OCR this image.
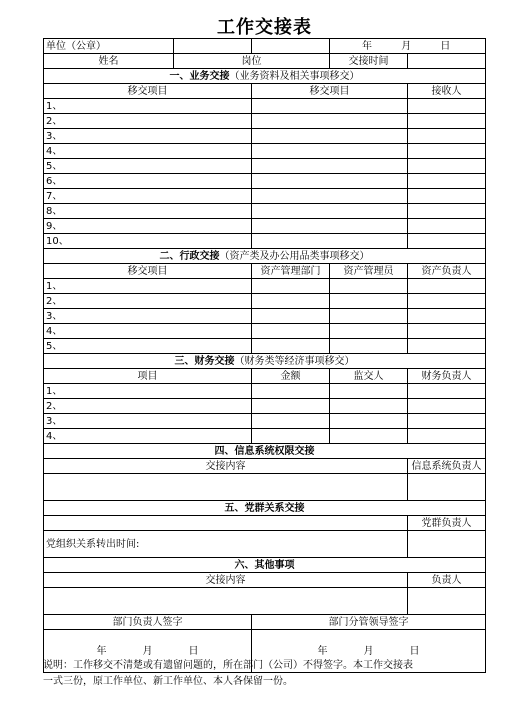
工作交接表
单位（公章）			年 月 日	
姓名	岗位		交接时间	
一、业务交接（业务资料及相关事项移交）				
移交项目		移交项目		接收人
1、				
2、				
3、				
4、				
5、				
6、				
7、				
8、				
9、				
10、				
二、行政交接（资产类及办公用品类事项移交）				
移交项目		资产管理部门	资产管理员	资产负责人
1、				
2、				
3、				
4、				
5、				
三、财务交接（财务类等经济事项移交）				
项目		金额	监交人	财务负责人
1、				
2、				
3、				
4、				
四、信息系统权限交接				
交接内容				信息系统负责人

五、党群关系交接				
				党群负责人
党组织关系转出时间:				
六、其他事项				
交接内容				负责人

部门负责人签字		部门分管领导签字		
年 月 日		年 月 日		
说明：工作移交不清楚或有遗留问题的，所在部门（公司）不得签字。本工作交接表
一式三份，原工作单位、新工作单位、本人各保留一份。
